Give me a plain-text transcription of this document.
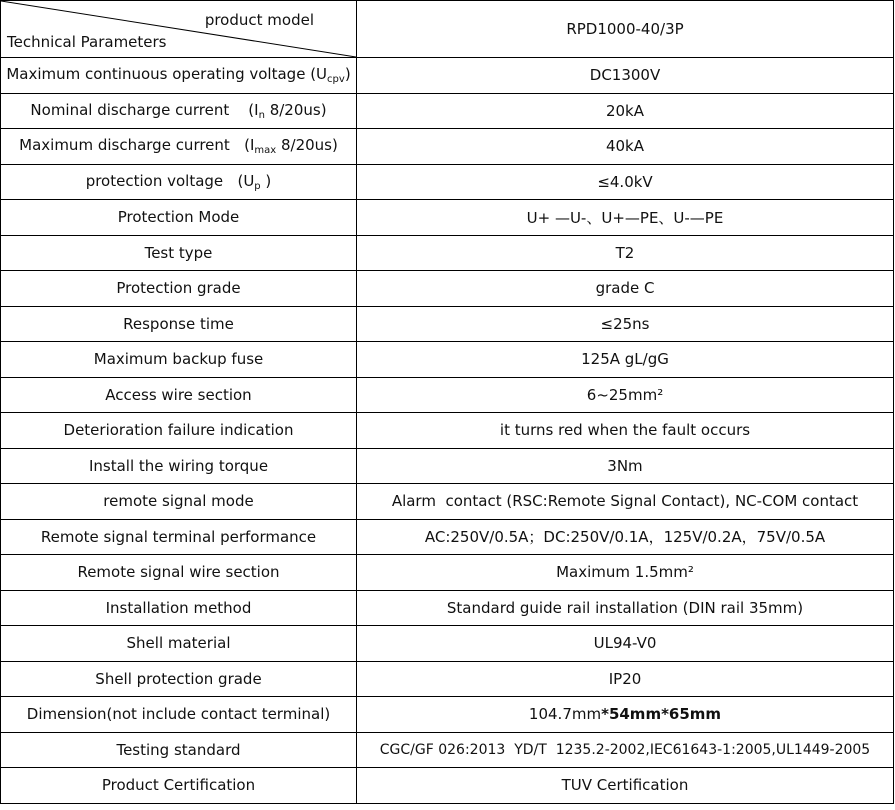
product model
Technical Parameters	RPD1000-40/3P
Maximum continuous operating voltage $(U_{cpv})$	DC1300V
Nominal discharge current    ($I_n$ 8/20us)	20kA
Maximum discharge current   ($I_{max}$ 8/20us)	40kA
protection voltage   ($U_p$ )	≤4.0kV
Protection Mode	U+ —U-、U+—PE、U-—PE
Test type	T2
Protection grade	grade C
Response time	≤25ns
Maximum backup fuse	125A gL/gG
Access wire section	6~25mm²
Deterioration failure indication	it turns red when the fault occurs
Install the wiring torque	3Nm
remote signal mode	Alarm  contact (RSC:Remote Signal Contact), NC-COM contact
Remote signal terminal performance	AC:250V/0.5A；DC:250V/0.1A，125V/0.2A，75V/0.5A
Remote signal wire section	Maximum 1.5mm²
Installation method	Standard guide rail installation (DIN rail 35mm)
Shell material	UL94-V0
Shell protection grade	IP20
Dimension(not include contact terminal)	104.7mm*54mm*65mm
Testing standard	CGC/GF 026:2013  YD/T  1235.2-2002,IEC61643-1:2005,UL1449-2005
Product Certification	TUV Certification
